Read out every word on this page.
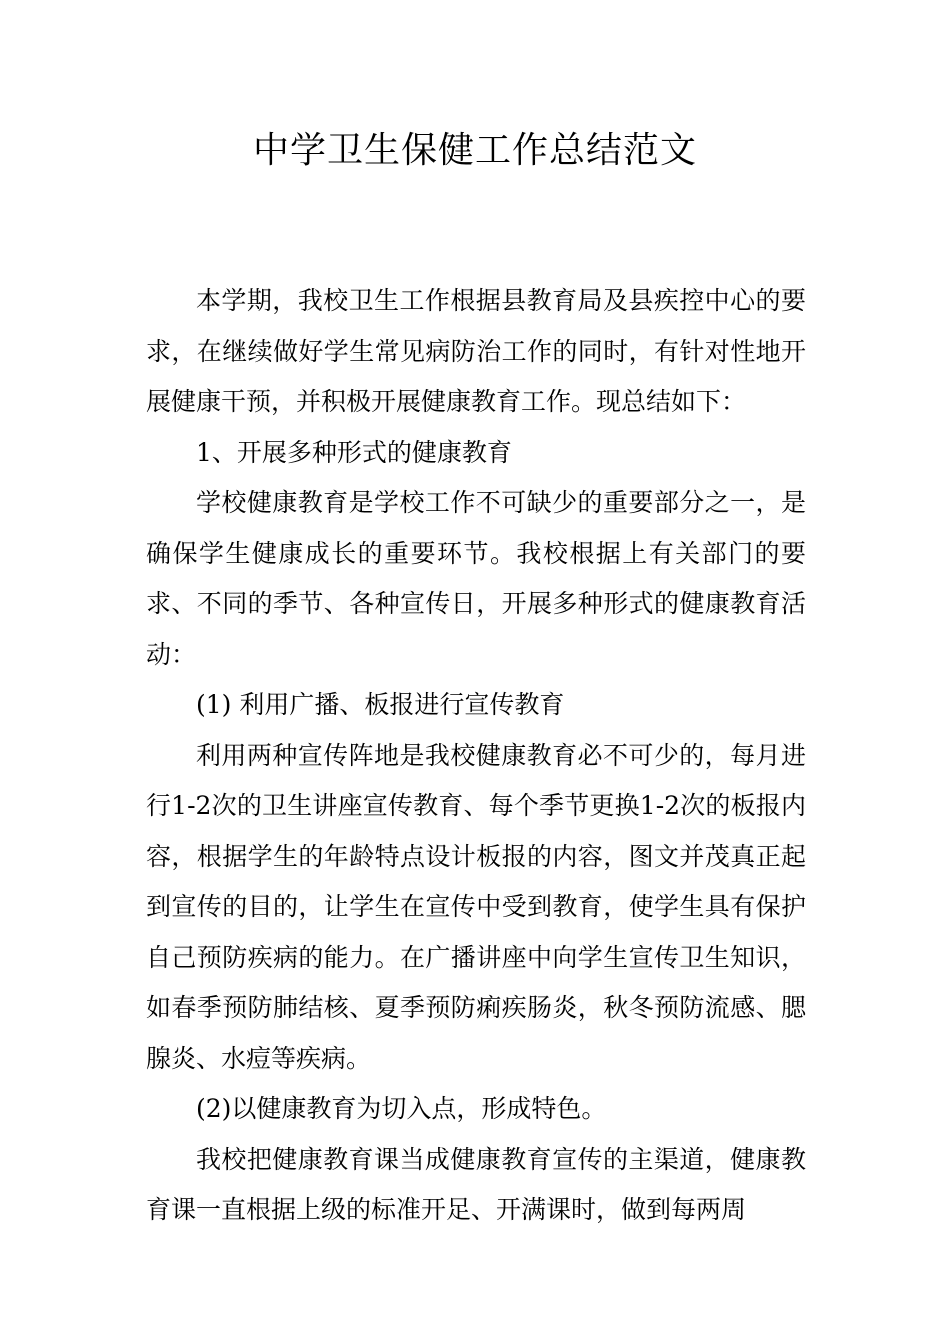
中学卫生保健工作总结范文

本学期，我校卫生工作根据县教育局及县疾控中心的要求，在继续做好学生常见病防治工作的同时，有针对性地开展健康干预，并积极开展健康教育工作。现总结如下：

1、开展多种形式的健康教育

学校健康教育是学校工作不可缺少的重要部分之一，是确保学生健康成长的重要环节。我校根据上有关部门的要求、不同的季节、各种宣传日，开展多种形式的健康教育活动：

(1) 利用广播、板报进行宣传教育

利用两种宣传阵地是我校健康教育必不可少的，每月进行1-2次的卫生讲座宣传教育、每个季节更换1-2次的板报内容，根据学生的年龄特点设计板报的内容，图文并茂真正起到宣传的目的，让学生在宣传中受到教育，使学生具有保护自己预防疾病的能力。在广播讲座中向学生宣传卫生知识，如春季预防肺结核、夏季预防痢疾肠炎，秋冬预防流感、腮腺炎、水痘等疾病。

(2)以健康教育为切入点，形成特色。

我校把健康教育课当成健康教育宣传的主渠道，健康教育课一直根据上级的标准开足、开满课时，做到每两周
